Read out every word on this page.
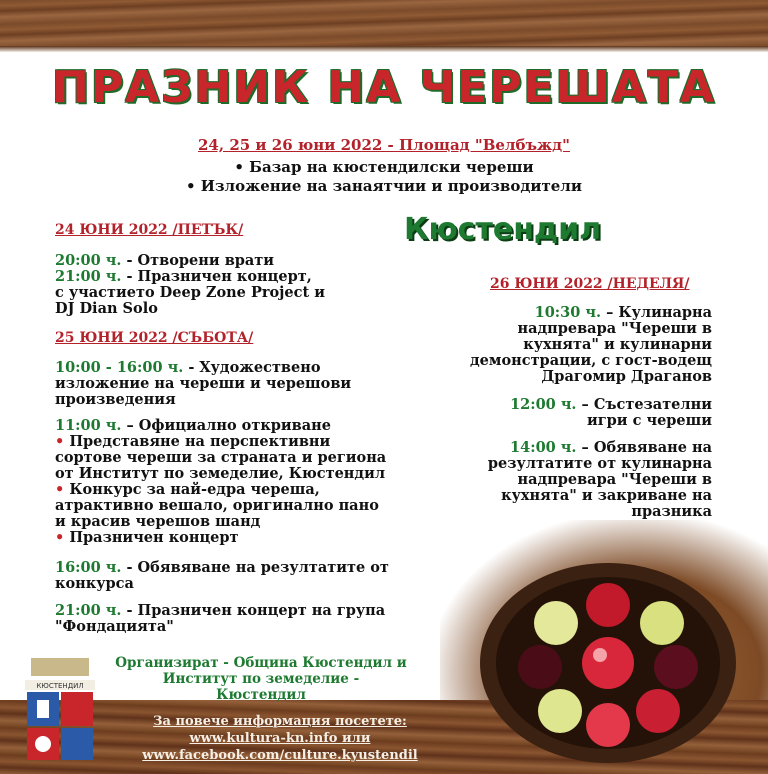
ПРАЗНИК НА ЧЕРЕШАТА
24, 25 и 26 юни 2022 - Площад "Велбъжд"
• Базар на кюстендилски череши
• Изложение на занаятчии и производители
Кюстендил
24 ЮНИ 2022 /ПЕТЪК/
20:00 ч. - Отворени врати
21:00 ч. - Празничен концерт,
с участието Deep Zone Project и
DJ Dian Solo
25 ЮНИ 2022 /СЪБОТА/
10:00 - 16:00 ч. - Художествено
изложение на череши и черешови
произведения
11:00 ч. – Официално откриване
• Представяне на перспективни
сортове череши за страната и региона
от Институт по земеделие, Кюстендил
• Конкурс за най-едра череша,
атрактивно вешало, оригинално пано
и красив черешов шанд
• Празничен концерт
16:00 ч. - Обявяване на резултатите от
конкурса
21:00 ч. - Празничен концерт на група
"Фондацията"
26 ЮНИ 2022 /НЕДЕЛЯ/
10:30 ч. – Кулинарна
надпревара "Череши в
кухнята" и кулинарни
демонстрации, с гост-водещ
Драгомир Драганов
12:00 ч. – Състезателни
игри с череши
14:00 ч. – Обявяване на
резултатите от кулинарна
надпревара "Череши в
кухнята" и закриване на
празника
КЮСТЕНДИЛ
Организират - Община Кюстендил и
Институт по земеделие -
Кюстендил
За повече информация посетете:
www.kultura-kn.info или
www.facebook.com/culture.kyustendil
